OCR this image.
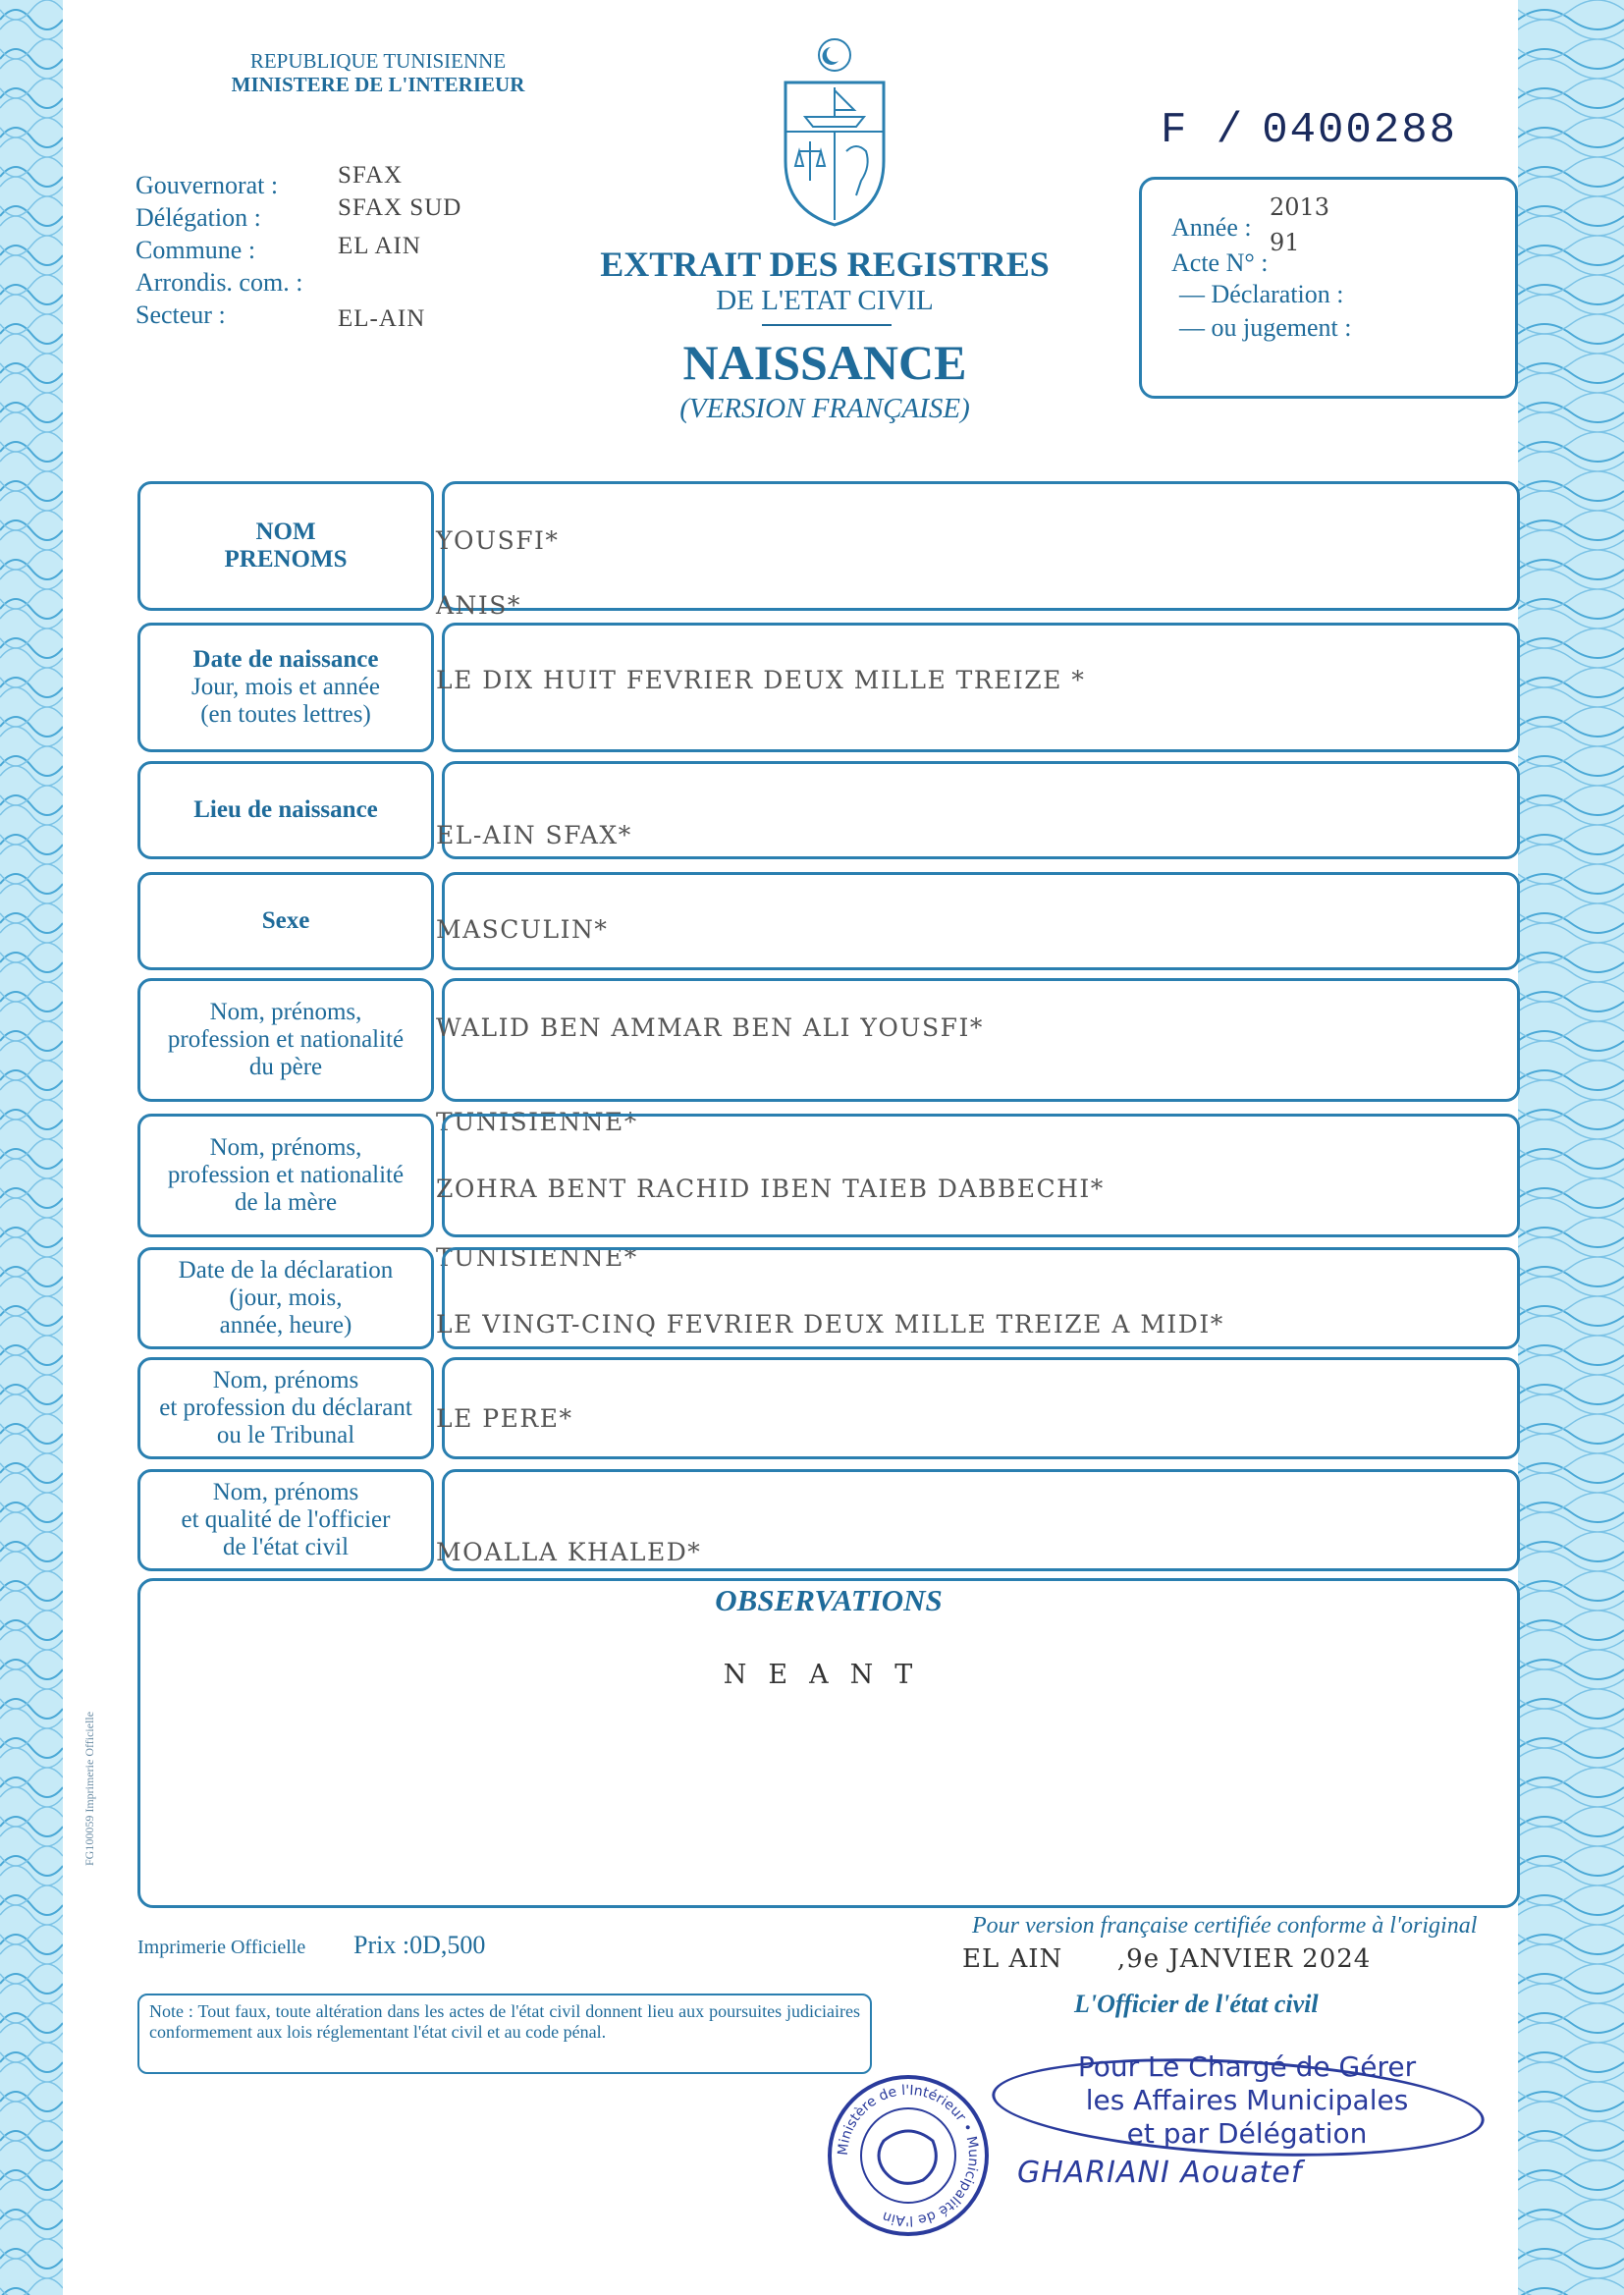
REPUBLIQUE TUNISIENNE
MINISTERE DE L'INTERIEUR
Gouvernorat : SFAX
Délégation :	SFAX SUD
Commune :	EL AIN
Arrondis. com. :
Secteur :	EL-AIN
EXTRAIT DES REGISTRES
DE L'ETAT CIVIL
NAISSANCE
(VERSION FRANÇAISE)
F / 0400288
Année :
2013
Acte N° :
91
— Déclaration :
— ou jugement :
NOM
PRENOMS
YOUSFI*
ANIS*
Date de naissance
Jour, mois et année
(en toutes lettres)
LE DIX HUIT FEVRIER DEUX MILLE TREIZE *
Lieu de naissance
EL-AIN SFAX*
Sexe	MASCULIN*
Nom, prénoms,
profession et nationalité
du père
WALID BEN AMMAR BEN ALI YOUSFI*
TUNISIENNE*
Nom, prénoms,
profession et nationalité
de la mère	ZOHRA BENT RACHID IBEN TAIEB DABBECHI*
TUNISIENNE*
Date de la déclaration
(jour, mois,
année, heure)	LE VINGT-CINQ FEVRIER DEUX MILLE TREIZE A MIDI*
Nom, prénoms
et profession du déclarant
ou le Tribunal
LE PERE*
Nom, prénoms
et qualité de l'officier
de l'état civil	MOALLA KHALED*
OBSERVATIONS
NEANT
FG100059 Imprimerie Officielle
Imprimerie Officielle Prix :0D,500
Pour version française certifiée conforme à l'original
EL AIN ,9e JANVIER 2024
L'Officier de l'état civil
Note : Tout faux, toute altération dans les actes de l'état civil donnent lieu aux poursuites judiciaires conformement aux lois réglementant l'état civil et au code pénal.
Ministère de l'Intérieur • Municipalité de l'Ain
Pour Le Chargé de Gérer
les Affaires Municipales
et par Délégation
GHARIANI Aouatef
